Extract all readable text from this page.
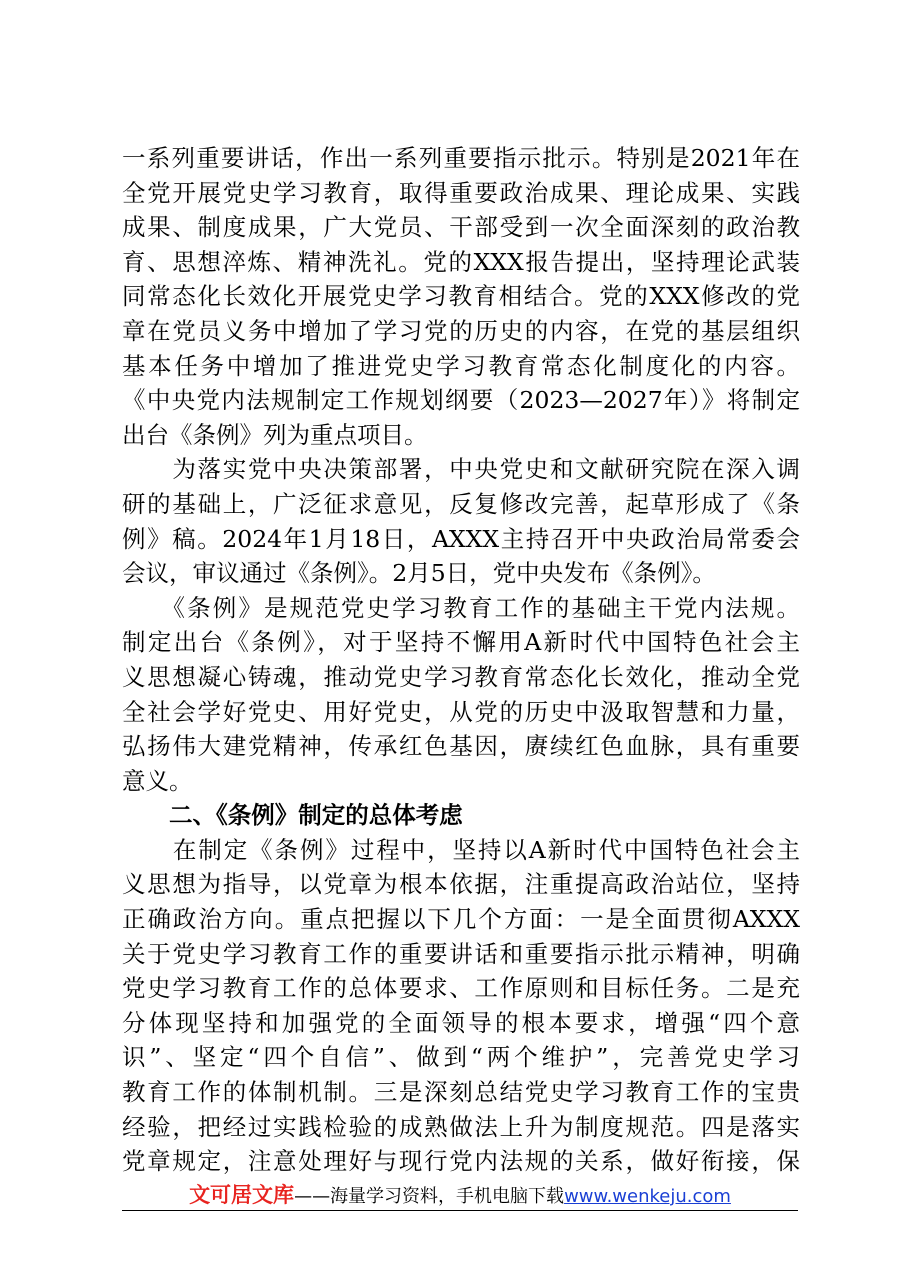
一系列重要讲话，作出一系列重要指示批示。特别是2021年在
全党开展党史学习教育，取得重要政治成果、理论成果、实践
成果、制度成果，广大党员、干部受到一次全面深刻的政治教
育、思想淬炼、精神洗礼。党的XXX报告提出，坚持理论武装
同常态化长效化开展党史学习教育相结合。党的XXX修改的党
章在党员义务中增加了学习党的历史的内容，在党的基层组织
基本任务中增加了推进党史学习教育常态化制度化的内容。
《中央党内法规制定工作规划纲要（2023—2027年）》将制定
出台《条例》列为重点项目。
　　为落实党中央决策部署，中央党史和文献研究院在深入调
研的基础上，广泛征求意见，反复修改完善，起草形成了《条
例》稿。2024年1月18日，AXXX主持召开中央政治局常委会
会议，审议通过《条例》。2月5日，党中央发布《条例》。
　　《条例》是规范党史学习教育工作的基础主干党内法规。
制定出台《条例》，对于坚持不懈用A新时代中国特色社会主
义思想凝心铸魂，推动党史学习教育常态化长效化，推动全党
全社会学好党史、用好党史，从党的历史中汲取智慧和力量，
弘扬伟大建党精神，传承红色基因，赓续红色血脉，具有重要
意义。
二、《条例》制定的总体考虑
　　在制定《条例》过程中，坚持以A新时代中国特色社会主
义思想为指导，以党章为根本依据，注重提高政治站位，坚持
正确政治方向。重点把握以下几个方面：一是全面贯彻AXXX
关于党史学习教育工作的重要讲话和重要指示批示精神，明确
党史学习教育工作的总体要求、工作原则和目标任务。二是充
分体现坚持和加强党的全面领导的根本要求，增强“四个意
识”、坚定“四个自信”、做到“两个维护”，完善党史学习
教育工作的体制机制。三是深刻总结党史学习教育工作的宝贵
经验，把经过实践检验的成熟做法上升为制度规范。四是落实
党章规定，注意处理好与现行党内法规的关系，做好衔接，保
文可居文库——海量学习资料，手机电脑下载www.wenkeju.com
